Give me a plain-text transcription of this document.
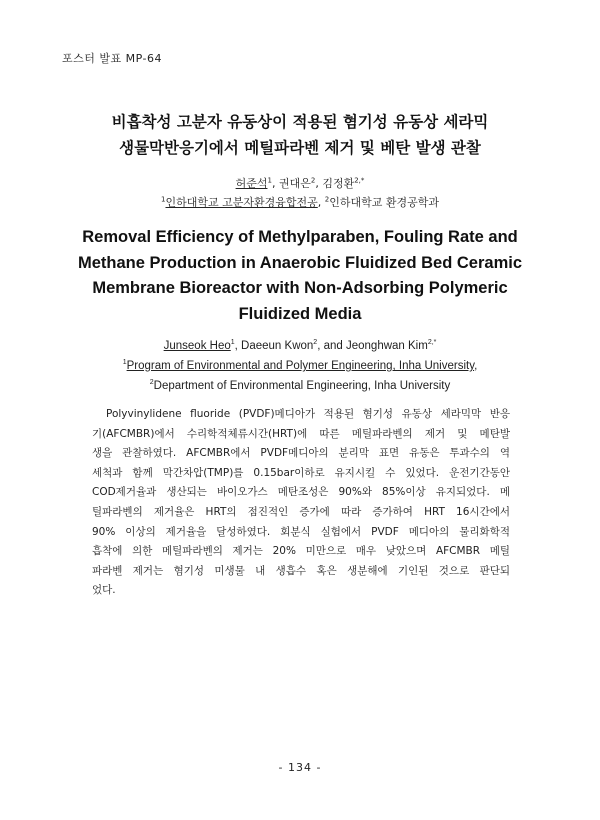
포스터 발표 MP-64
비흡착성 고분자 유동상이 적용된 혐기성 유동상 세라믹
생물막반응기에서 메틸파라벤 제거 및 베탄 발생 관찰
허준석$^1$, 권대은$^2$, 김정환$^{2,*}$
$^1$인하대학교 고분자환경융합전공, $^2$인하대학교 환경공학과
Removal Efficiency of Methylparaben, Fouling Rate and
Methane Production in Anaerobic Fluidized Bed Ceramic
Membrane Bioreactor with Non-Adsorbing Polymeric
Fluidized Media
Junseok Heo$^1$, Daeeun Kwon$^2$, and Jeonghwan Kim$^{2,*}$
$^1$Program of Environmental and Polymer Engineering, Inha University,
$^2$Department of Environmental Engineering, Inha University
Polyvinylidene fluoride (PVDF)메디아가 적용된 혐기성 유동상 세라믹막 반응
기(AFCMBR)에서 수리학적체류시간(HRT)에 따른 메틸파라벤의 제거 및 메탄발
생을 관찰하였다. AFCMBR에서 PVDF메디아의 분리막 표면 유동은 투과수의 역
세척과 함께 막간차압(TMP)를 0.15bar이하로 유지시킬 수 있었다. 운전기간동안
COD제거율과 생산되는 바이오가스 메탄조성은 90%와 85%이상 유지되었다. 메
틸파라벤의 제거율은 HRT의 점진적인 증가에 따라 증가하여 HRT 16시간에서
90% 이상의 제거율을 달성하였다. 회분식 실험에서 PVDF 메디아의 물리화학적
흡착에 의한 메틸파라벤의 제거는 20% 미만으로 매우 낮았으며 AFCMBR 메틸
파라벤 제거는 혐기성 미생물 내 생흡수 혹은 생분해에 기인된 것으로 판단되
었다.
- 134 -
